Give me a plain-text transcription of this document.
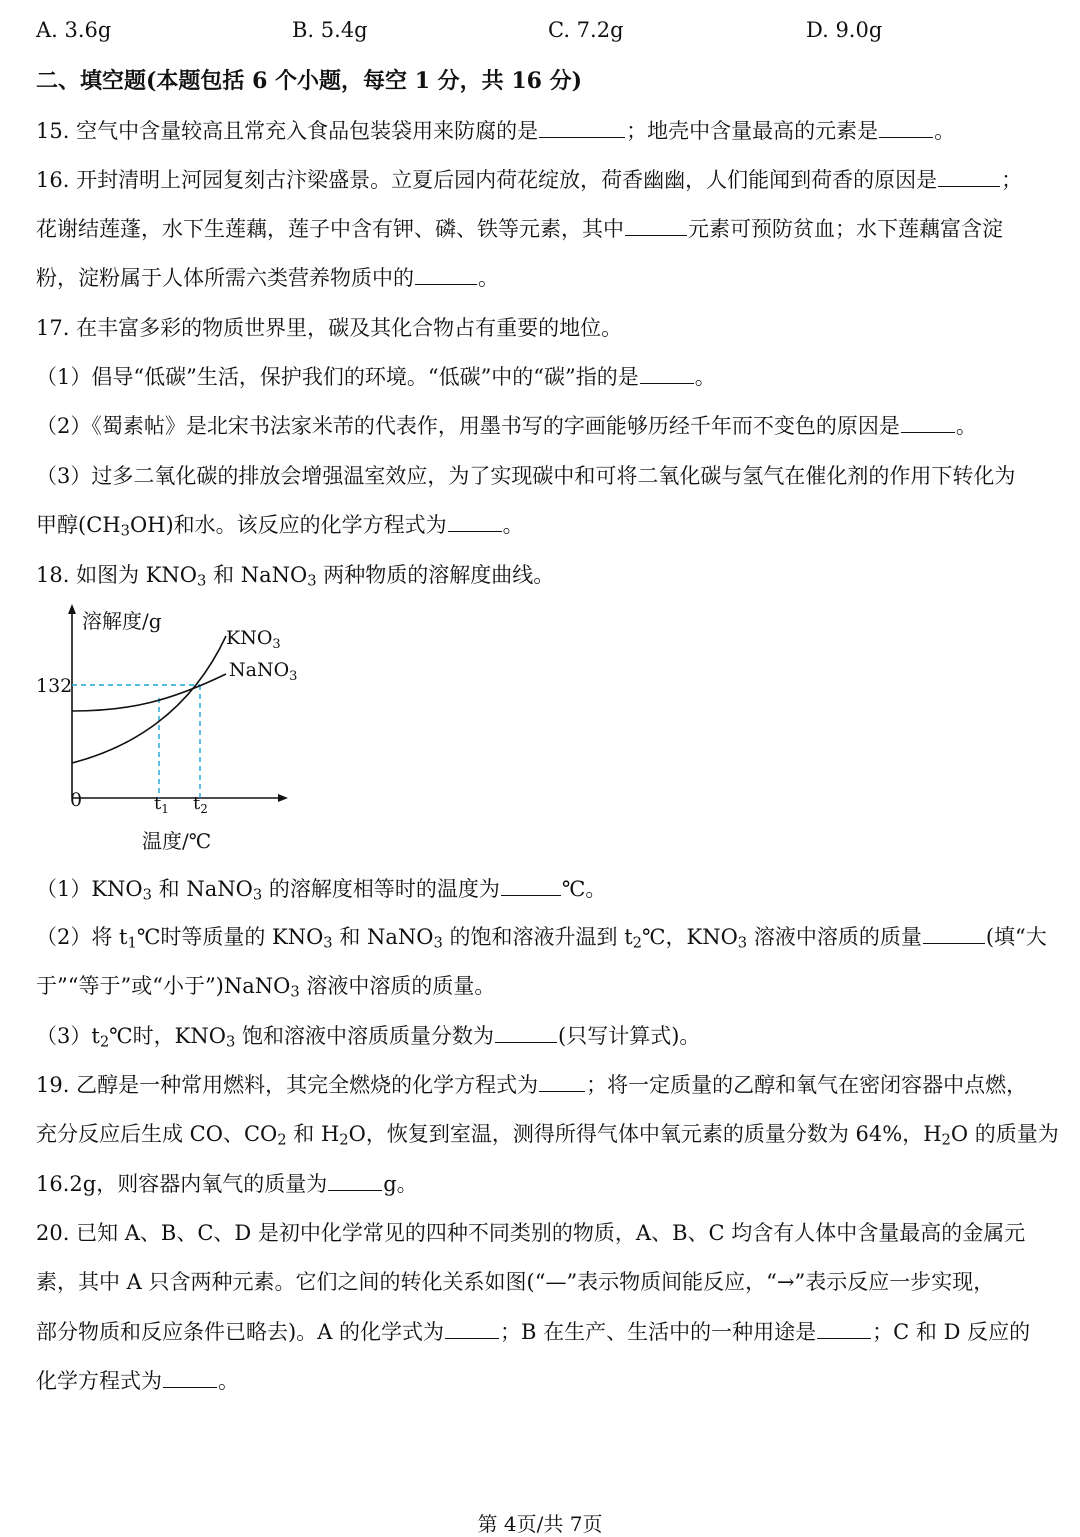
A. 3.6g	B. 5.4g	C. 7.2g	D. 9.0g
二、填空题(本题包括 6 个小题，每空 1 分，共 16 分)
15. 空气中含量较高且常充入食品包装袋用来防腐的是	；地壳中含量最高的元素是	。
16. 开封清明上河园复刻古汴梁盛景。立夏后园内荷花绽放，荷香幽幽，人们能闻到荷香的原因是	；
花谢结莲蓬，水下生莲藕，莲子中含有钾、磷、铁等元素，其中	元素可预防贫血；水下莲藕富含淀
粉，淀粉属于人体所需六类营养物质中的	。
17. 在丰富多彩的物质世界里，碳及其化合物占有重要的地位。
（1）倡导“低碳”生活，保护我们的环境。“低碳”中的“碳”指的是	。
（2）《蜀素帖》是北宋书法家米芾的代表作，用墨书写的字画能够历经千年而不变色的原因是	。
（3）过多二氧化碳的排放会增强温室效应，为了实现碳中和可将二氧化碳与氢气在催化剂的作用下转化为
甲醇$(CH_3OH)$和水。该反应的化学方程式为	。
18. 如图为 $KNO_3$ 和 NaNO$_3$ 两种物质的溶解度曲线。
溶解度/g
132
0
$KNO_3$
NaNO$_3$
$t_1$ $t_2$
温度/℃
$(1)KNO_3$ 和 NaNO$_3$ 的溶解度相等时的温度为	℃。
（2）将 $t_1℃$时等质量的 $KNO_3$ 和 NaNO$_3$ 的饱和溶液升温到 $t_2℃$，$KNO_3$ 溶液中溶质的质量	(填“大
于”“等于”或“小于”)NaNO$_3$ 溶液中溶质的质量。
$(3)t_2℃$时，$KNO_3$ 饱和溶液中溶质质量分数为	(只写计算式)。
19. 乙醇是一种常用燃料，其完全燃烧的化学方程式为 ；将一定质量的乙醇和氧气在密闭容器中点燃，
充分反应后生成 CO、$CO_2$ 和 $H_2O$，恢复到室温，测得所得气体中氧元素的质量分数为 64%，$H_2O$ 的质量为
16.2g，则容器内氧气的质量为	g。
20. 已知 A、B、C、D 是初中化学常见的四种不同类别的物质，A、B、C 均含有人体中含量最高的金属元
素，其中 A 只含两种元素。它们之间的转化关系如图(“—”表示物质间能反应，“→”表示反应一步实现，
部分物质和反应条件已略去)。A 的化学式为	；B 在生产、生活中的一种用途是	；C 和 D 反应的
化学方程式为	。
第 4页/共 7页
